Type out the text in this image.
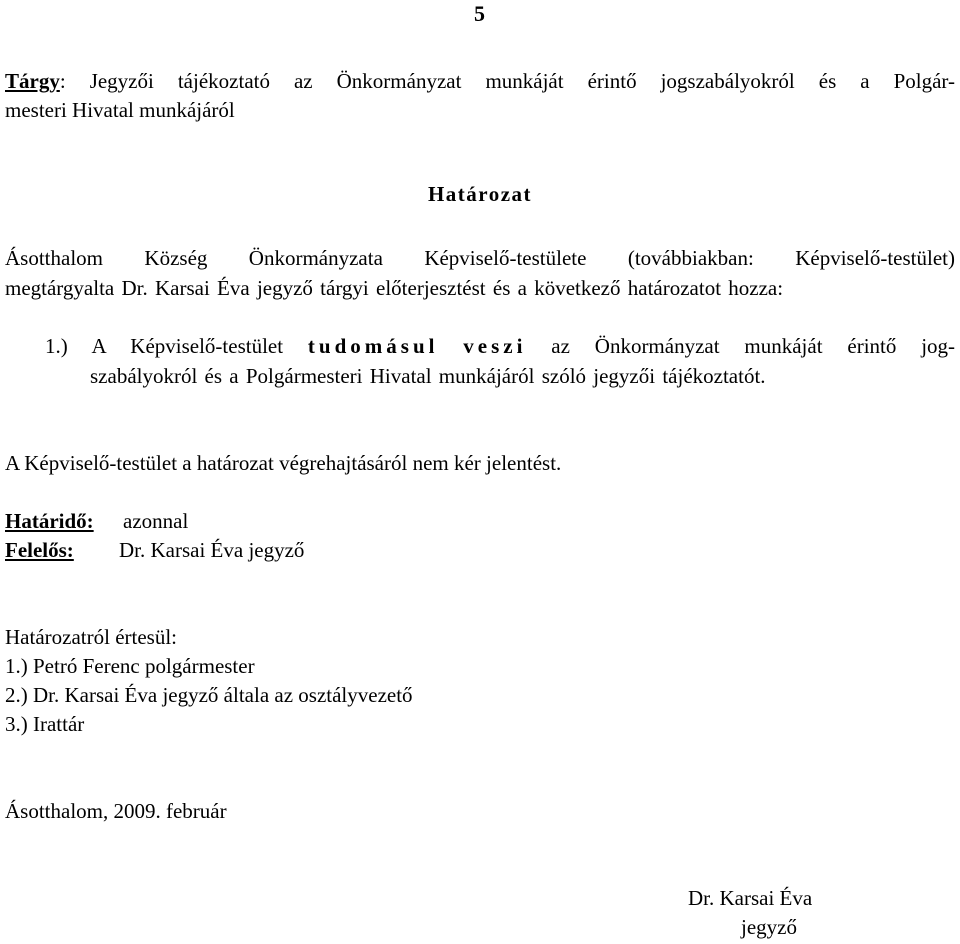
5
Tárgy: Jegyzői tájékoztató az Önkormányzat munkáját érintő jogszabályokról és a Polgár-
mesteri Hivatal munkájáról
Határozat
Ásotthalom Község Önkormányzata Képviselő-testülete (továbbiakban: Képviselő-testület)
megtárgyalta Dr. Karsai Éva jegyző tárgyi előterjesztést és a következő határozatot hozza:
1.) A Képviselő-testület tudomásul veszi az Önkormányzat munkáját érintő jog-
szabályokról és a Polgármesteri Hivatal munkájáról szóló jegyzői tájékoztatót.
A Képviselő-testület a határozat végrehajtásáról nem kér jelentést.
Határidő: azonnal
Felelős: Dr. Karsai Éva jegyző
Határozatról értesül:
1.) Petró Ferenc polgármester
2.) Dr. Karsai Éva jegyző általa az osztályvezető
3.) Irattár
Ásotthalom, 2009. február
Dr. Karsai Éva
jegyző
